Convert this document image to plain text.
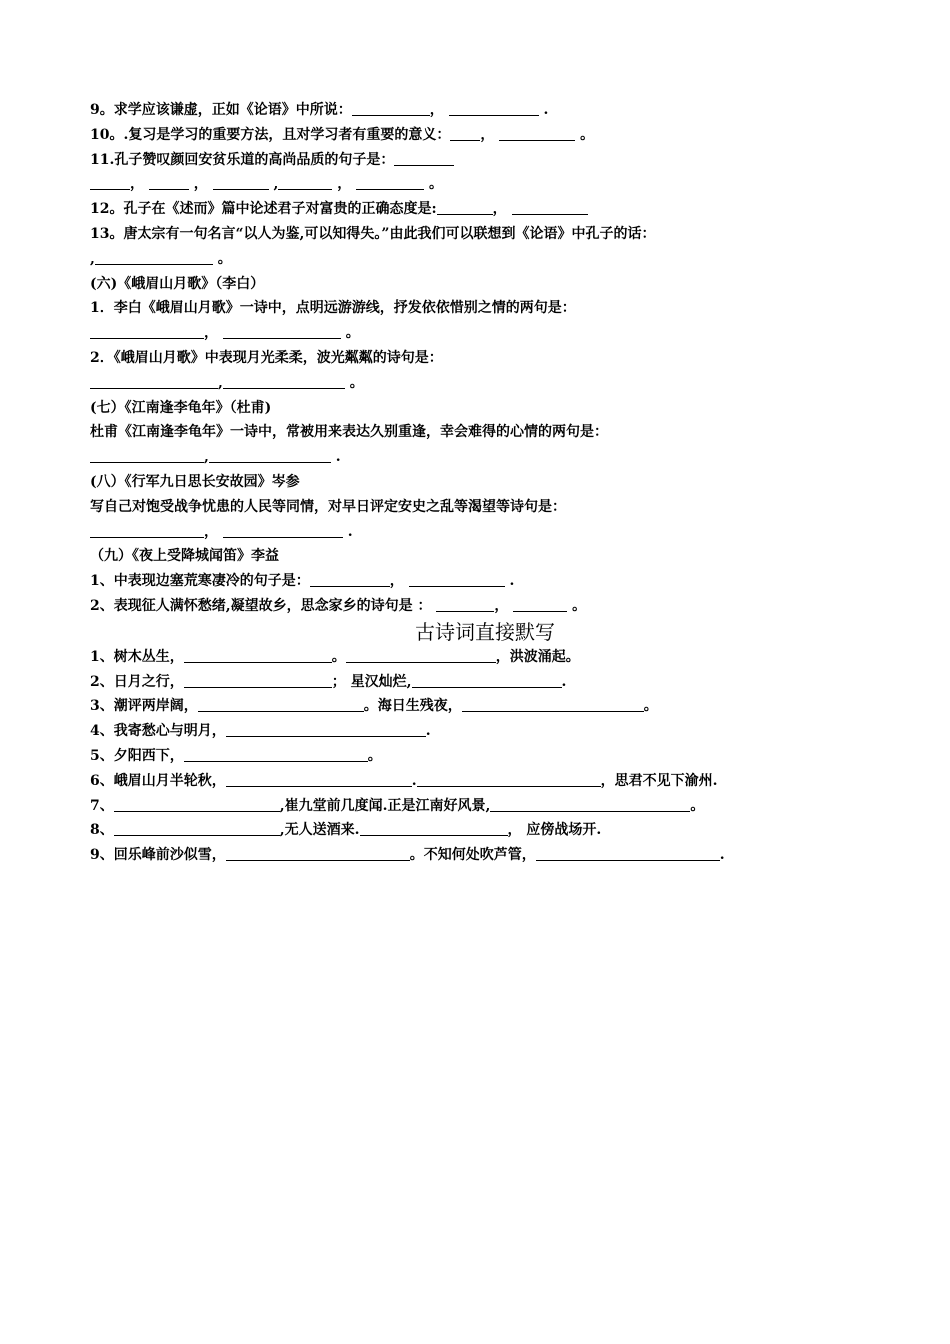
9。求学应该谦虚，正如《论语》中所说：	，	.
10。.复习是学习的重要方法，且对学习者有重要的意义： ，	。
11.孔子赞叹颜回安贫乐道的高尚品质的句子是：
，	，	,	，	。
12。孔子在《述而》篇中论述君子对富贵的正确态度是:	，
13。唐太宗有一句名言“以人为鉴,可以知得失。”由此我们可以联想到《论语》中孔子的话：
,	。
(六)《峨眉山月歌》（李白）
1．李白《峨眉山月歌》一诗中，点明远游游线，抒发依依惜别之情的两句是：
，	。
2．《峨眉山月歌》中表现月光柔柔，波光粼粼的诗句是：
,	。
(七）《江南逢李龟年》（杜甫)
杜甫《江南逢李龟年》一诗中，常被用来表达久别重逢，幸会难得的心情的两句是：
,	.
(八）《行军九日思长安故园》岑参
写自己对饱受战争忧患的人民等同情，对早日评定安史之乱等渴望等诗句是：
，	.
（九）《夜上受降城闻笛》李益
1、中表现边塞荒寒凄冷的句子是：	，	.
2、表现征人满怀愁绪,凝望故乡，思念家乡的诗句是 ：	，	。
古诗词直接默写
1、树木丛生，	。	，洪波涌起。
2、日月之行，	； 星汉灿烂,	.
3、潮评两岸阔，	。海日生残夜，	。
4、我寄愁心与明月，	.
5、夕阳西下，	。
6、峨眉山月半轮秋，	.	，思君不见下渝州.
7、	,崔九堂前几度闻.正是江南好风景,	。
8、	,无人送酒来.	， 应傍战场开.
9、回乐峰前沙似雪，	。不知何处吹芦管，	.
